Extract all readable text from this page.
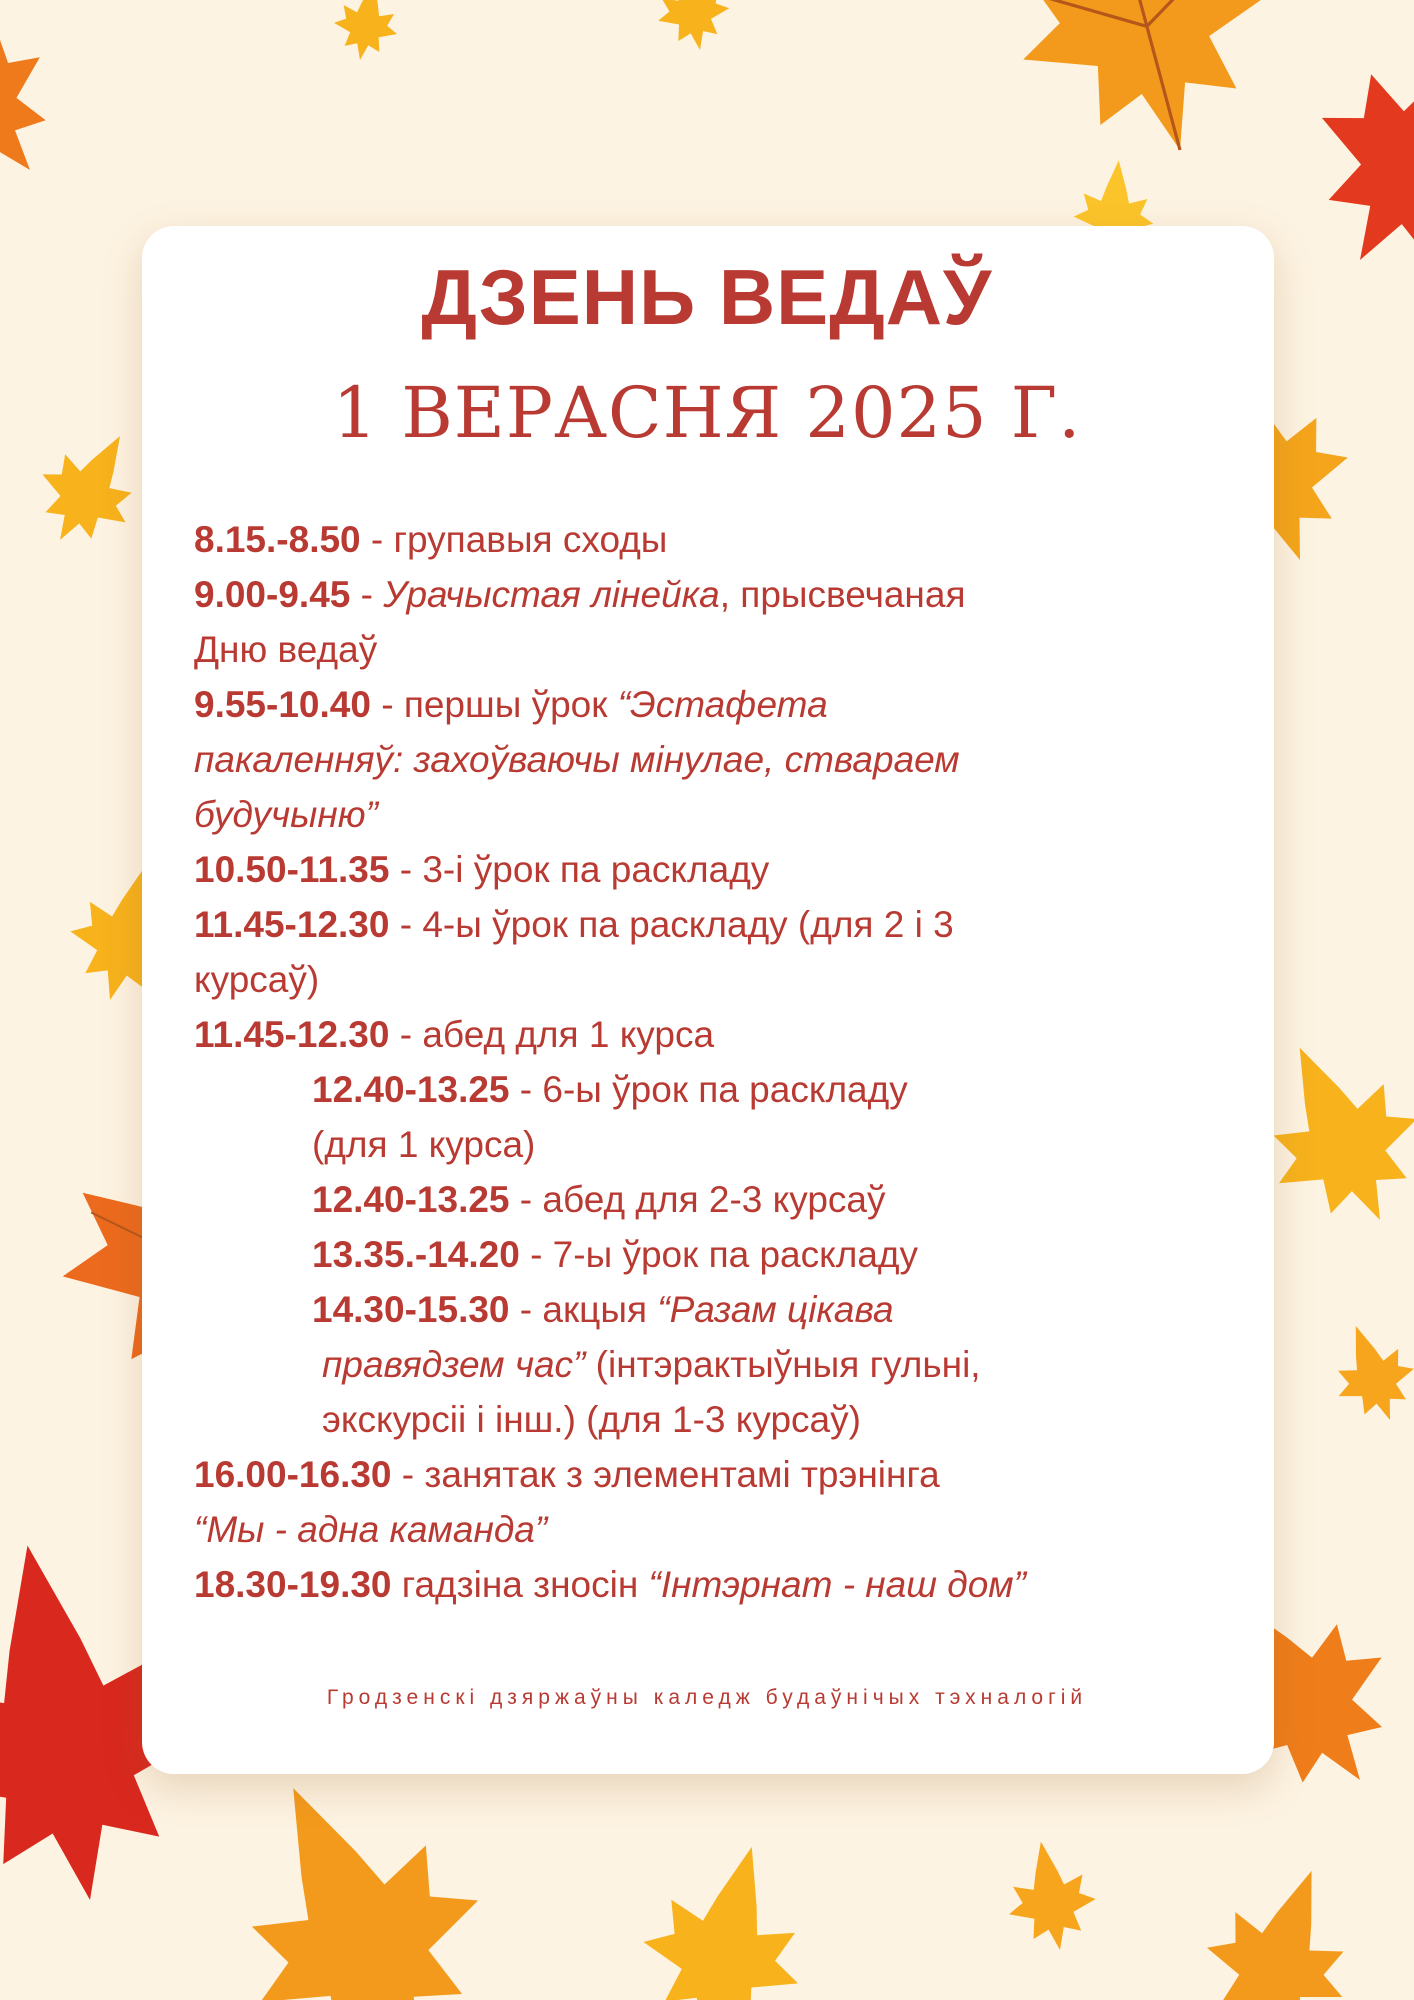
ДЗЕНЬ ВЕДАЎ
1 ВЕРАСНЯ 2025 Г.
8.15.-8.50 - групавыя сходы
9.00-9.45 - Урачыстая лінейка, прысвечаная
Дню ведаў
9.55-10.40 - першы ўрок “Эстафета
пакаленняў: захоўваючы мінулае, ствараем
будучыню”
10.50-11.35 - 3-і ўрок па раскладу
11.45-12.30 - 4-ы ўрок па раскладу (для 2 і 3
курсаў)
11.45-12.30 - абед для 1 курса
12.40-13.25 - 6-ы ўрок па раскладу
(для 1 курса)
12.40-13.25 - абед для 2-3 курсаў
13.35.-14.20 - 7-ы ўрок па раскладу
14.30-15.30 - акцыя “Разам цікава
правядзем час” (інтэрактыўныя гульні,
экскурсіі і інш.) (для 1-3 курсаў)
16.00-16.30 - занятак з элементамі трэнінга
“Мы - адна каманда”
18.30-19.30 гадзіна зносін “Інтэрнат - наш дом”
Гродзенскі дзяржаўны каледж будаўнічых тэхналогій
